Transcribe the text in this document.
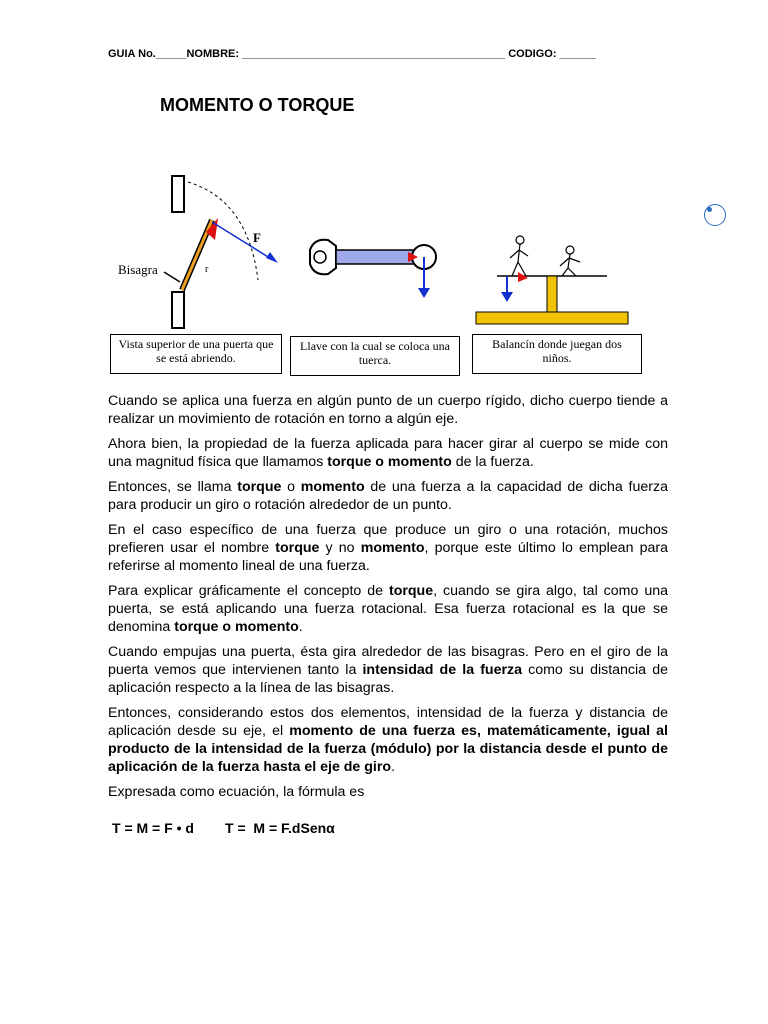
GUIA No._____NOMBRE: ___________________________________________ CODIGO: ______
MOMENTO O TORQUE
Bisagra
F
r
Vista superior de una puerta que se está abriendo.
Llave con la cual se coloca una tuerca.
Balancín donde juegan dos niños.

Cuando se aplica una fuerza en algún punto de un cuerpo rígido, dicho cuerpo tiende a realizar un movimiento de rotación en torno a algún eje.

Ahora bien, la propiedad de la fuerza aplicada para hacer girar al cuerpo se mide con una magnitud física que llamamos torque o momento de la fuerza.

Entonces, se llama torque o momento de una fuerza a la capacidad de dicha fuerza para producir un giro o rotación alrededor de un punto.

En el caso específico de una fuerza que produce un giro o una rotación, muchos prefieren usar el nombre torque y no momento, porque este último lo emplean para referirse al momento lineal de una fuerza.

Para explicar gráficamente el concepto de torque, cuando se gira algo, tal como una puerta, se está aplicando una fuerza rotacional. Esa fuerza rotacional es la que se denomina torque o momento.

Cuando empujas una puerta, ésta gira alrededor de las bisagras. Pero en el giro de la puerta vemos que intervienen tanto la intensidad de la fuerza como su distancia de aplicación respecto a la línea de las bisagras.

Entonces, considerando estos dos elementos, intensidad de la fuerza y distancia de aplicación desde su eje, el momento de una fuerza es, matemáticamente, igual al producto de la intensidad de la fuerza (módulo) por la distancia desde el punto de aplicación de la fuerza hasta el eje de giro.

Expresada como ecuación, la fórmula es

T = M = F • d        T =  M = F.dSenα
